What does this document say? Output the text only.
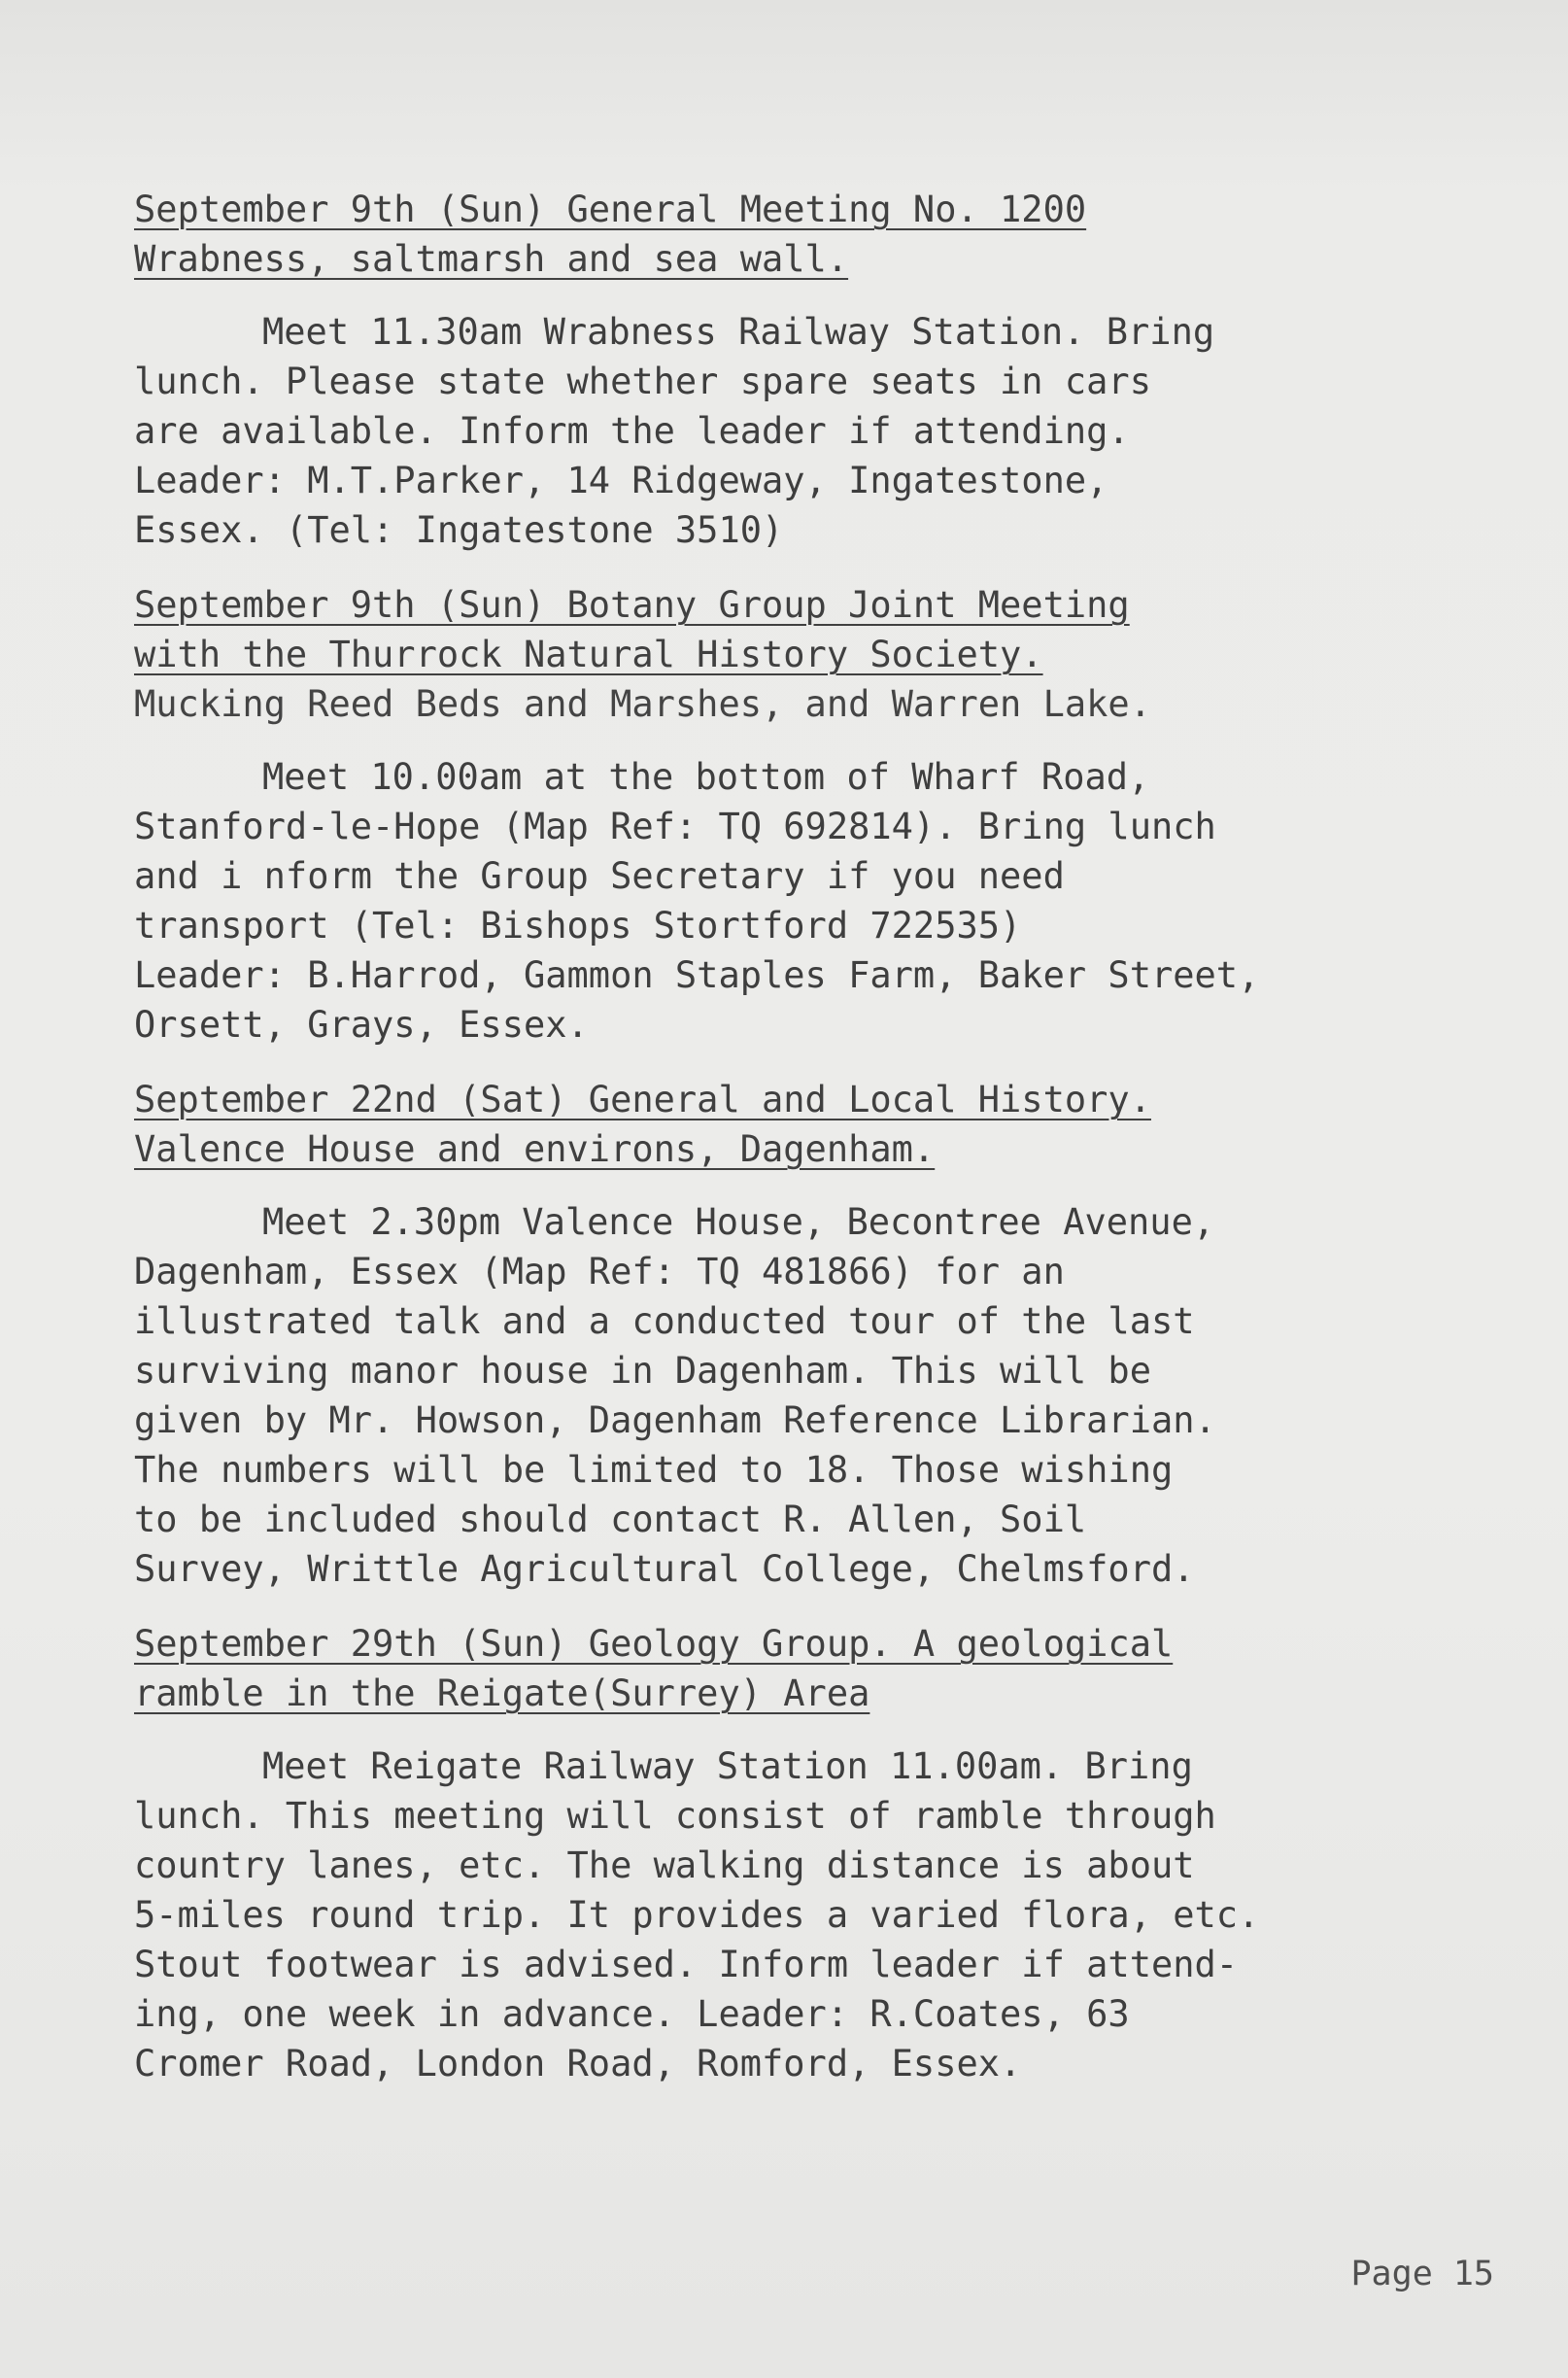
September 9th (Sun) General Meeting No. 1200
Wrabness, saltmarsh and sea wall.
Meet 11.30am Wrabness Railway Station. Bring
lunch. Please state whether spare seats in cars
are available. Inform the leader if attending.
Leader: M.T.Parker, 14 Ridgeway, Ingatestone,
Essex. (Tel: Ingatestone 3510)
September 9th (Sun) Botany Group Joint Meeting
with the Thurrock Natural History Society.
Mucking Reed Beds and Marshes, and Warren Lake.
Meet 10.00am at the bottom of Wharf Road,
Stanford-le-Hope (Map Ref: TQ 692814). Bring lunch
and i nform the Group Secretary if you need
transport (Tel: Bishops Stortford 722535)
Leader: B.Harrod, Gammon Staples Farm, Baker Street,
Orsett, Grays, Essex.
September 22nd (Sat) General and Local History.
Valence House and environs, Dagenham.
Meet 2.30pm Valence House, Becontree Avenue,
Dagenham, Essex (Map Ref: TQ 481866) for an
illustrated talk and a conducted tour of the last
surviving manor house in Dagenham. This will be
given by Mr. Howson, Dagenham Reference Librarian.
The numbers will be limited to 18. Those wishing
to be included should contact R. Allen, Soil
Survey, Writtle Agricultural College, Chelmsford.
September 29th (Sun) Geology Group. A geological
ramble in the Reigate(Surrey) Area
Meet Reigate Railway Station 11.00am. Bring
lunch. This meeting will consist of ramble through
country lanes, etc. The walking distance is about
5-miles round trip. It provides a varied flora, etc.
Stout footwear is advised. Inform leader if attend-
ing, one week in advance. Leader: R.Coates, 63
Cromer Road, London Road, Romford, Essex.
Page 15
